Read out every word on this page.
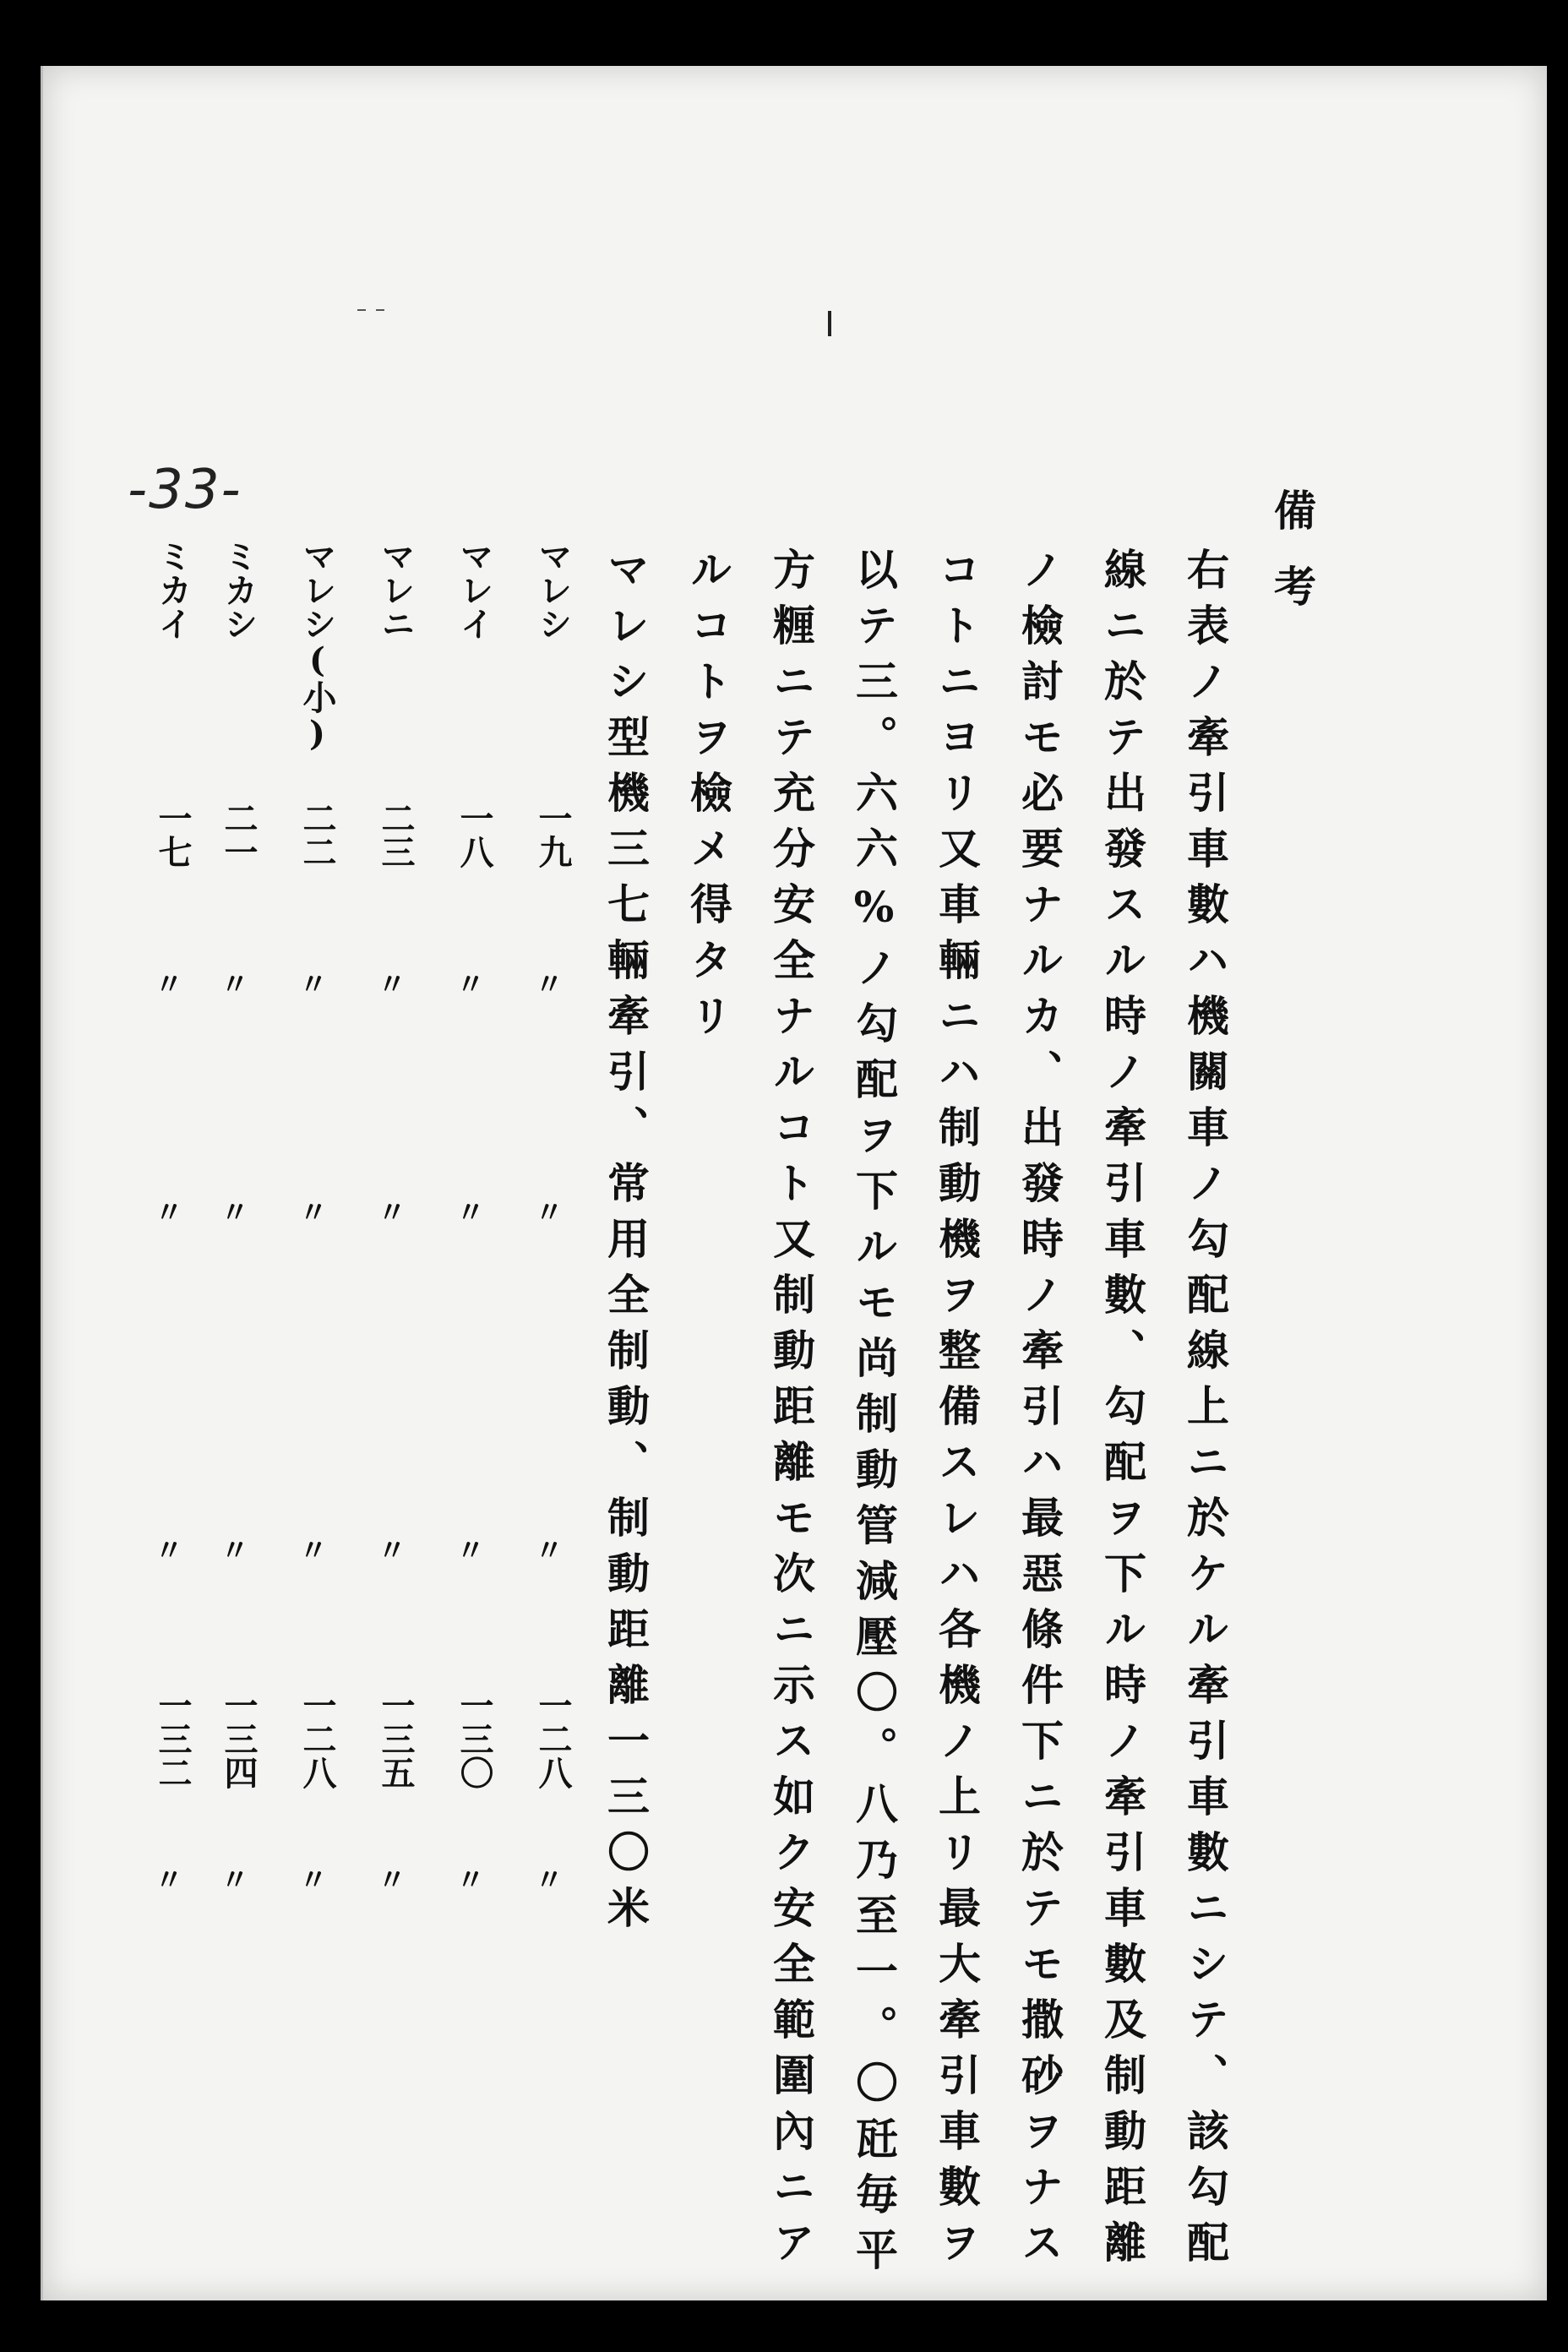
-33-	備考
右表ノ牽引車數ハ機關車ノ勾配線上ニ於ケル牽引車數ニシテ、該勾配
線ニ於テ出發スル時ノ牽引車數、勾配ヲ下ル時ノ牽引車數及制動距離
ノ檢討モ必要ナルカ、出發時ノ牽引ハ最惡條件下ニ於テモ撒砂ヲナス
コトニヨリ又車輛ニハ制動機ヲ整備スレハ各機ノ上リ最大牽引車數ヲ
以テ三。六六%ノ勾配ヲ下ルモ尚制動管減壓〇。八乃至一。〇瓩毎平
方糎ニテ充分安全ナルコト又制動距離モ次ニ示ス如ク安全範圍內ニア
ルコトヲ檢メ得タリ
マレシ型機三七輛牽引、常用全制動、制動距離一三〇米
マレシ
一九
一二八
マレイ
一八
一三〇
マレニ
二三
一三五
マレシ(小)
二二
一二八
ミカシ
二一
一三四
ミカイ
一七
一三二
〃
〃
〃
〃
〃
〃
〃
〃
〃
〃
〃
〃
〃
〃
〃
〃
〃
〃
〃
〃
〃
〃
〃
〃
